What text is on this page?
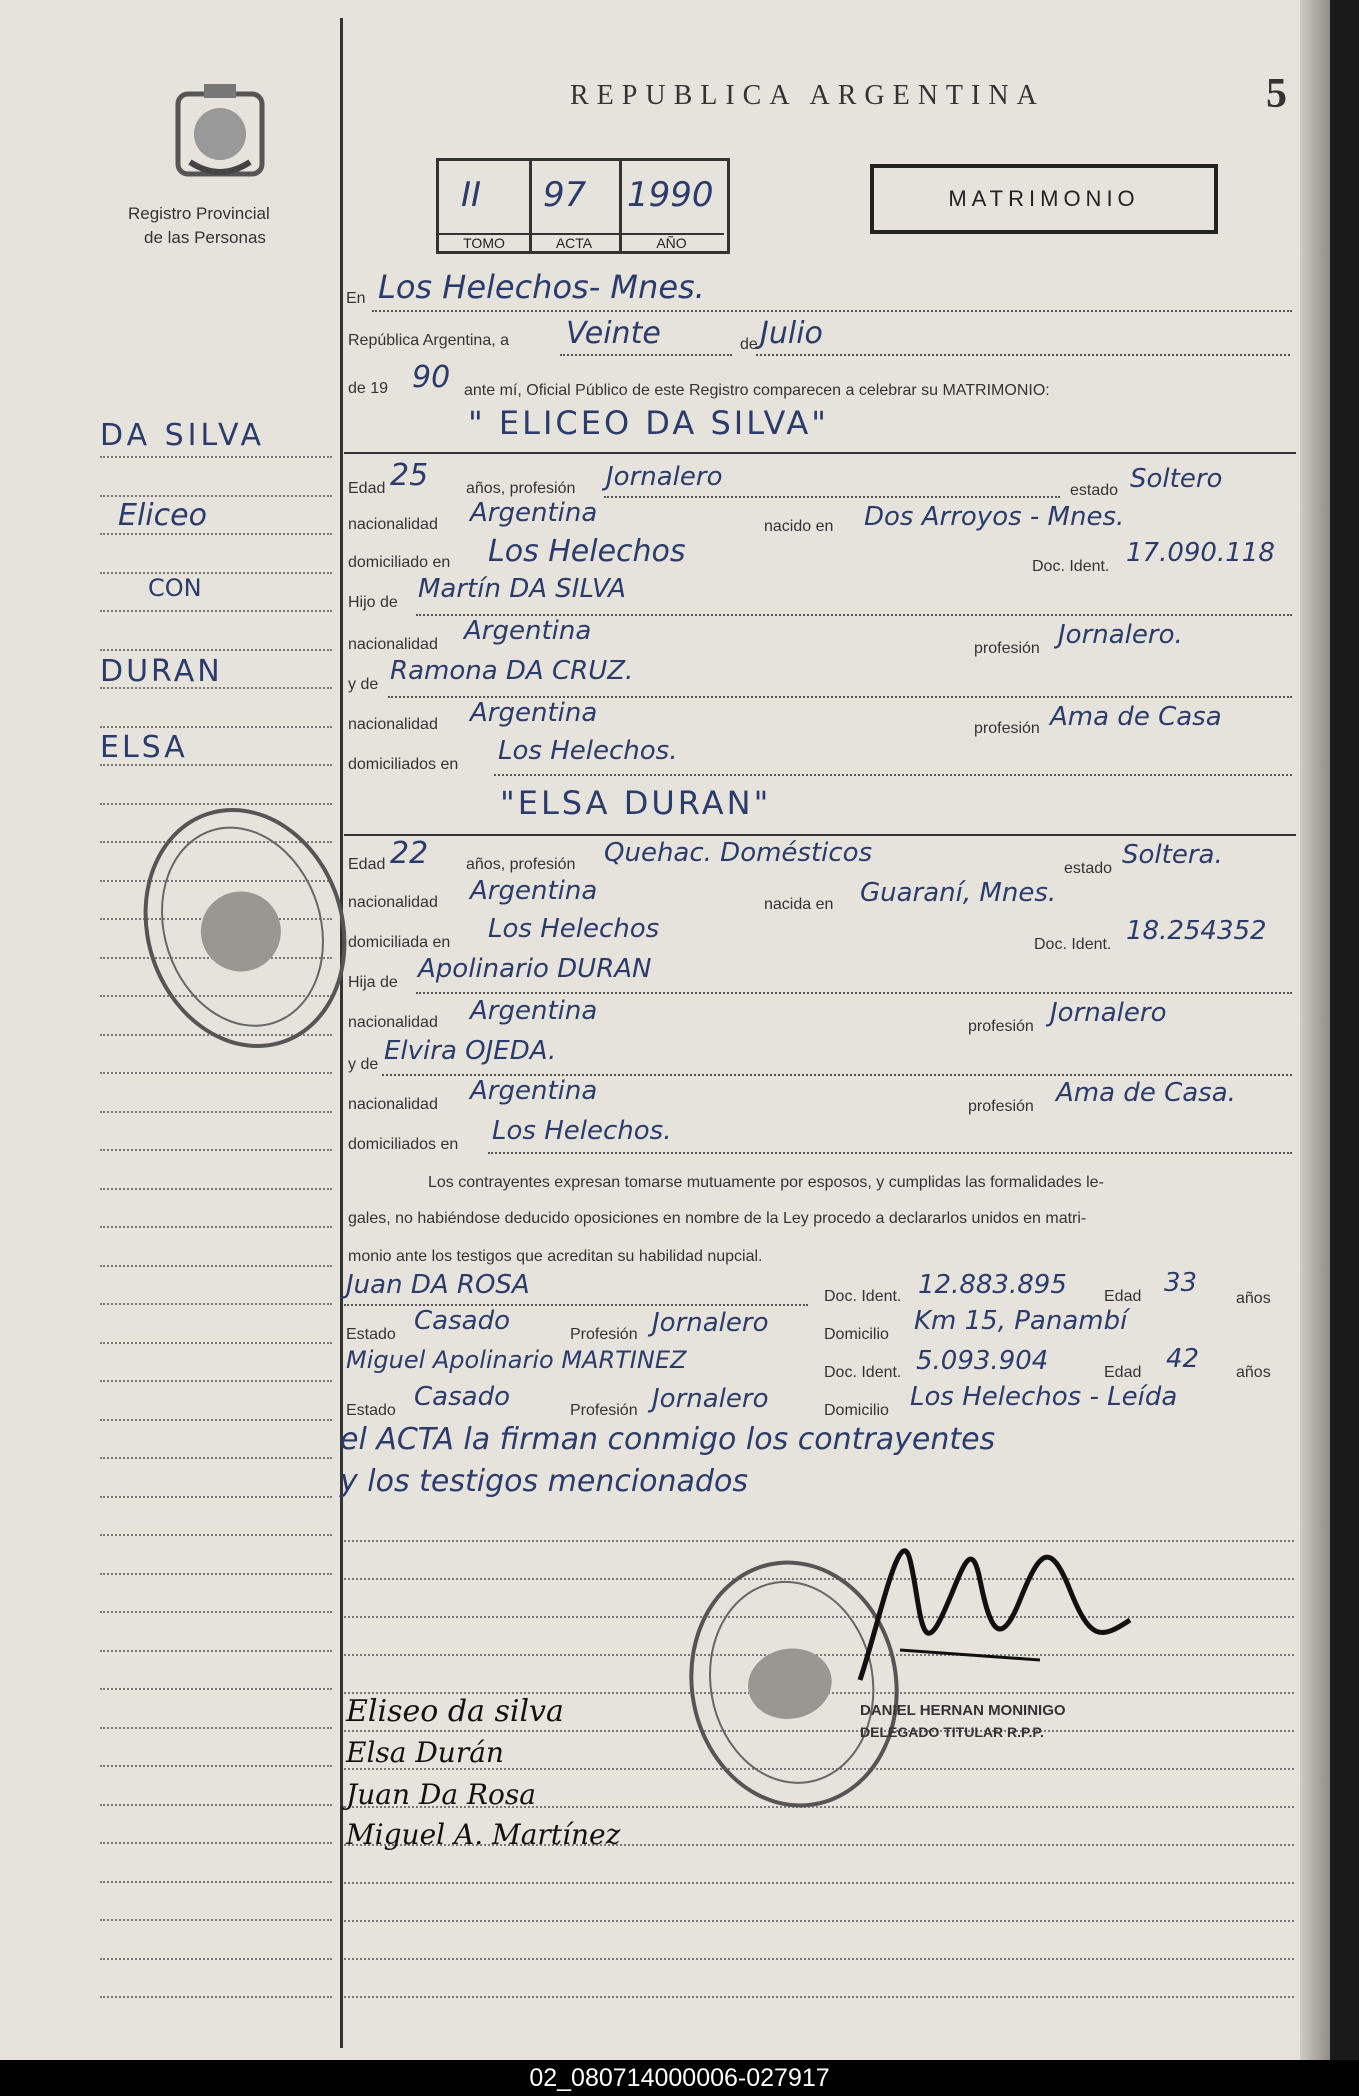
Registro Provincial
de las Personas
REPUBLICA ARGENTINA	5
II
TOMO
97
ACTA
1990
AÑO
MATRIMONIO
DA SILVA
Eliceo
CON
DURAN
ELSA
En Los Helechos- Mnes.
República Argentina, a Veinte	de Julio
de 19 90 ante mí, Oficial Público de este Registro comparecen a celebrar su MATRIMONIO:
" ELICEO DA SILVA"
Edad 25 años, profesión Jornalero	estado Soltero
nacionalidad Argentina	nacido en Dos Arroyos - Mnes.
domiciliado en Los Helechos	Doc. Ident. 17.090.118
Hijo de Martín DA SILVA
nacionalidad Argentina
profesión Jornalero.
y de Ramona DA CRUZ.
nacionalidad Argentina
profesión Ama de Casa
domiciliados en Los Helechos.
"ELSA DURAN"
Edad 22 años, profesión Quehac. Domésticos
estado Soltera.
nacionalidad Argentina	nacida en Guaraní, Mnes.
domiciliada en Los Helechos
Doc. Ident. 18.254352
Hija de Apolinario DURAN
nacionalidad Argentina
profesión Jornalero
y de Elvira OJEDA.
nacionalidad Argentina
profesión Ama de Casa.
domiciliados en Los Helechos.
Los contrayentes expresan tomarse mutuamente por esposos, y cumplidas las formalidades le-
gales, no habiéndose deducido oposiciones en nombre de la Ley procedo a declararlos unidos en matri-
monio ante los testigos que acreditan su habilidad nupcial.
Juan DA ROSA	Doc. Ident. 12.883.895 Edad 33
años
Estado Casado	Profesión Jornalero	Domicilio Km 15, Panambí
Miguel Apolinario MARTINEZ	Doc. Ident. 5.093.904	Edad 42 años
Estado Casado	Profesión Jornalero	Domicilio Los Helechos - Leída
el ACTA la firman conmigo los contrayentes
y los testigos mencionados
DANIEL HERNAN MONINIGO
DELEGADO TITULAR R.P.P.
Eliseo da silva
Elsa Durán
Juan Da Rosa
Miguel A. Martínez
02_080714000006-027917
